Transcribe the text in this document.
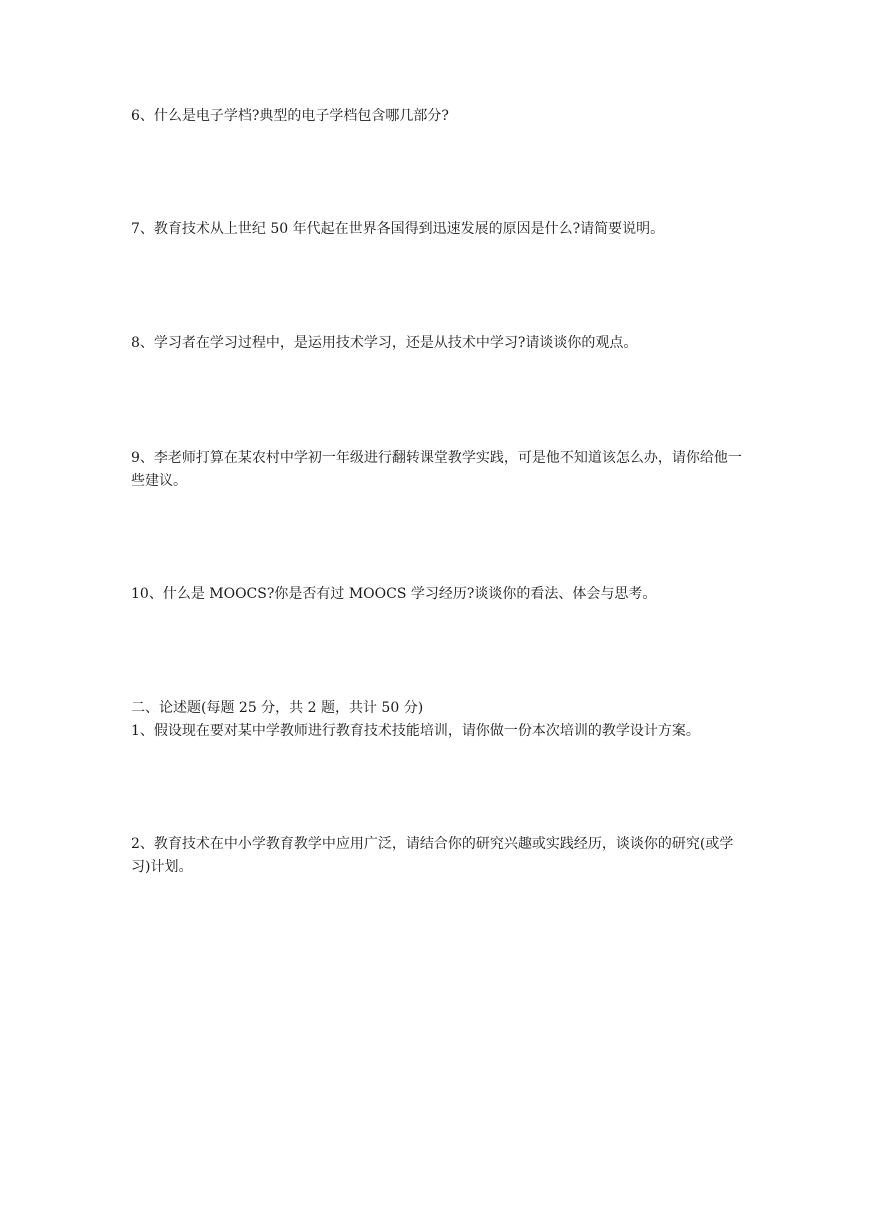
6、什么是电子学档?典型的电子学档包含哪几部分?

7、教育技术从上世纪 50 年代起在世界各国得到迅速发展的原因是什么?请简要说明。

8、学习者在学习过程中，是运用技术学习，还是从技术中学习?请谈谈你的观点。

9、李老师打算在某农村中学初一年级进行翻转课堂教学实践，可是他不知道该怎么办，请你给他一些建议。

10、什么是 MOOCS?你是否有过 MOOCS 学习经历?谈谈你的看法、体会与思考。

二、论述题(每题 25 分，共 2 题，共计 50 分)

1、假设现在要对某中学教师进行教育技术技能培训，请你做一份本次培训的教学设计方案。

2、教育技术在中小学教育教学中应用广泛，请结合你的研究兴趣或实践经历，谈谈你的研究(或学习)计划。
